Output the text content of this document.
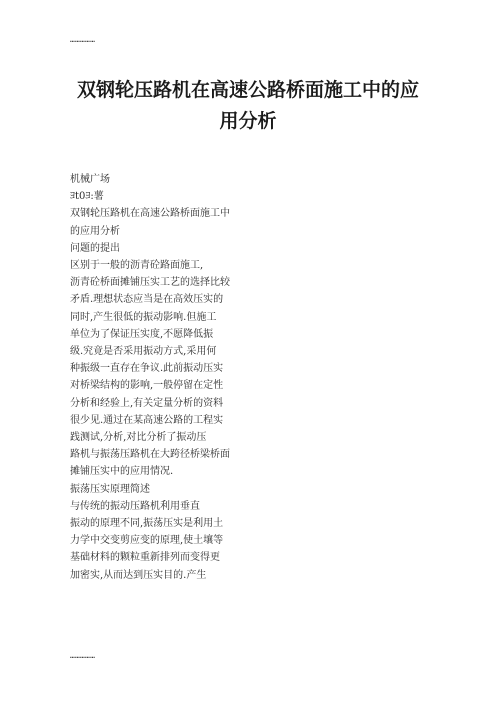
……………
双钢轮压路机在高速公路桥面施工中的应
用分析
机械广场
ﾖt0ﾖ:薯
双钢轮压路机在高速公路桥面施工中
的应用分析
问题的提出
区别于一般的沥青砼路面施工,
沥青砼桥面摊铺压实工艺的选择比较
矛盾.理想状态应当是在高效压实的
同时,产生很低的振动影响.但施工
单位为了保证压实度,不愿降低振
级.究竟是否采用振动方式,采用何
种振级一直存在争议.此前振动压实
对桥梁结构的影响,一般停留在定性
分析和经验上,有关定量分析的资料
很少见.通过在某高速公路的工程实
践测试,分析,对比分析了振动压
路机与振荡压路机在大跨径桥梁桥面
摊铺压实中的应用情况.
振荡压实原理简述
与传统的振动压路机利用垂直
振动的原理不同,振荡压实是利用土
力学中交变剪应变的原理,使土壤等
基础材料的颗粒重新排列而变得更
加密实,从而达到压实目的.产生
……………
